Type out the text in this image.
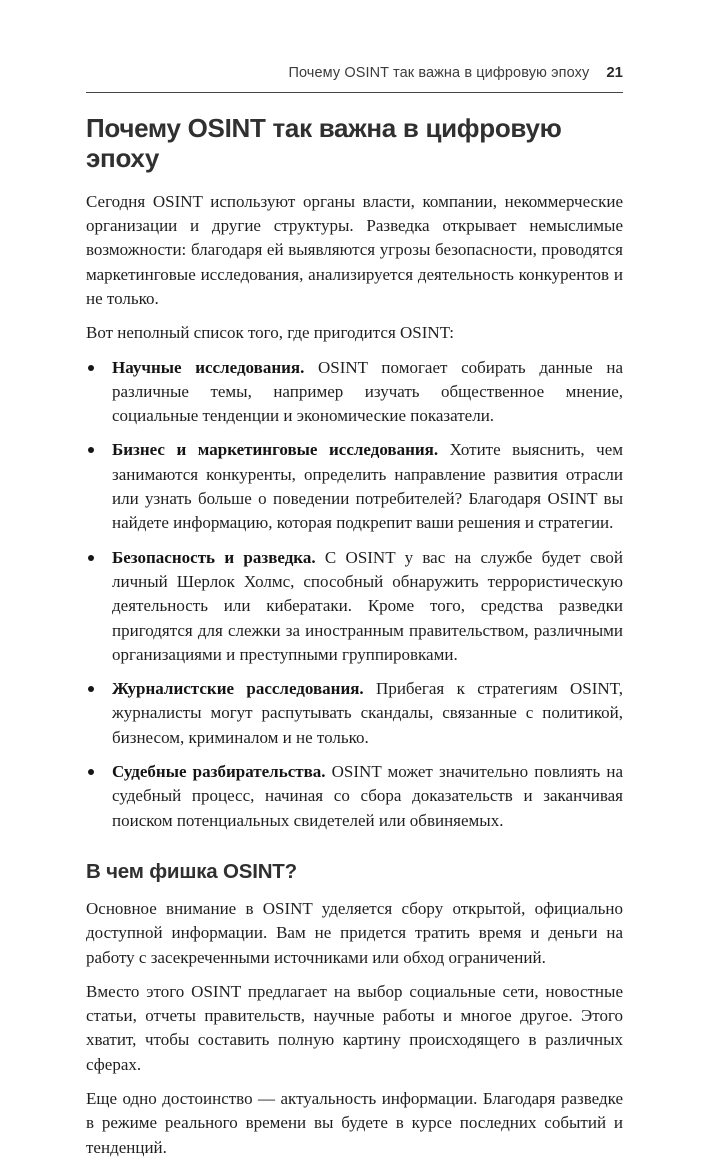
Почему OSINT так важна в цифровую эпоху 21
Почему OSINT так важна в цифровую эпоху

Сегодня OSINT используют органы власти, компании, некоммерческие организации и другие структуры. Разведка открывает немыслимые возможности: благодаря ей выявляются угрозы безопасности, проводятся маркетинговые исследования, анализируется деятельность конкурентов и не только.

Вот неполный список того, где пригодится OSINT:

Научные исследования. OSINT помогает собирать данные на различные темы, например изучать общественное мнение, социальные тенденции и экономические показатели.
Бизнес и маркетинговые исследования. Хотите выяснить, чем занимаются конкуренты, определить направление развития отрасли или узнать больше о поведении потребителей? Благодаря OSINT вы найдете информацию, которая подкрепит ваши решения и стратегии.
Безопасность и разведка. С OSINT у вас на службе будет свой личный Шерлок Холмс, способный обнаружить террористическую деятельность или кибератаки. Кроме того, средства разведки пригодятся для слежки за иностранным правительством, различными организациями и преступными группировками.
Журналистские расследования. Прибегая к стратегиям OSINT, журналисты могут распутывать скандалы, связанные с политикой, бизнесом, криминалом и не только.
Судебные разбирательства. OSINT может значительно повлиять на судебный процесс, начиная со сбора доказательств и заканчивая поиском потенциальных свидетелей или обвиняемых.
В чем фишка OSINT?

Основное внимание в OSINT уделяется сбору открытой, официально доступной информации. Вам не придется тратить время и деньги на работу с засекреченными источниками или обход ограничений.

Вместо этого OSINT предлагает на выбор социальные сети, новостные статьи, отчеты правительств, научные работы и многое другое. Этого хватит, чтобы составить полную картину происходящего в различных сферах.

Еще одно достоинство — актуальность информации. Благодаря разведке в режиме реального времени вы будете в курсе последних событий и тенденций.
